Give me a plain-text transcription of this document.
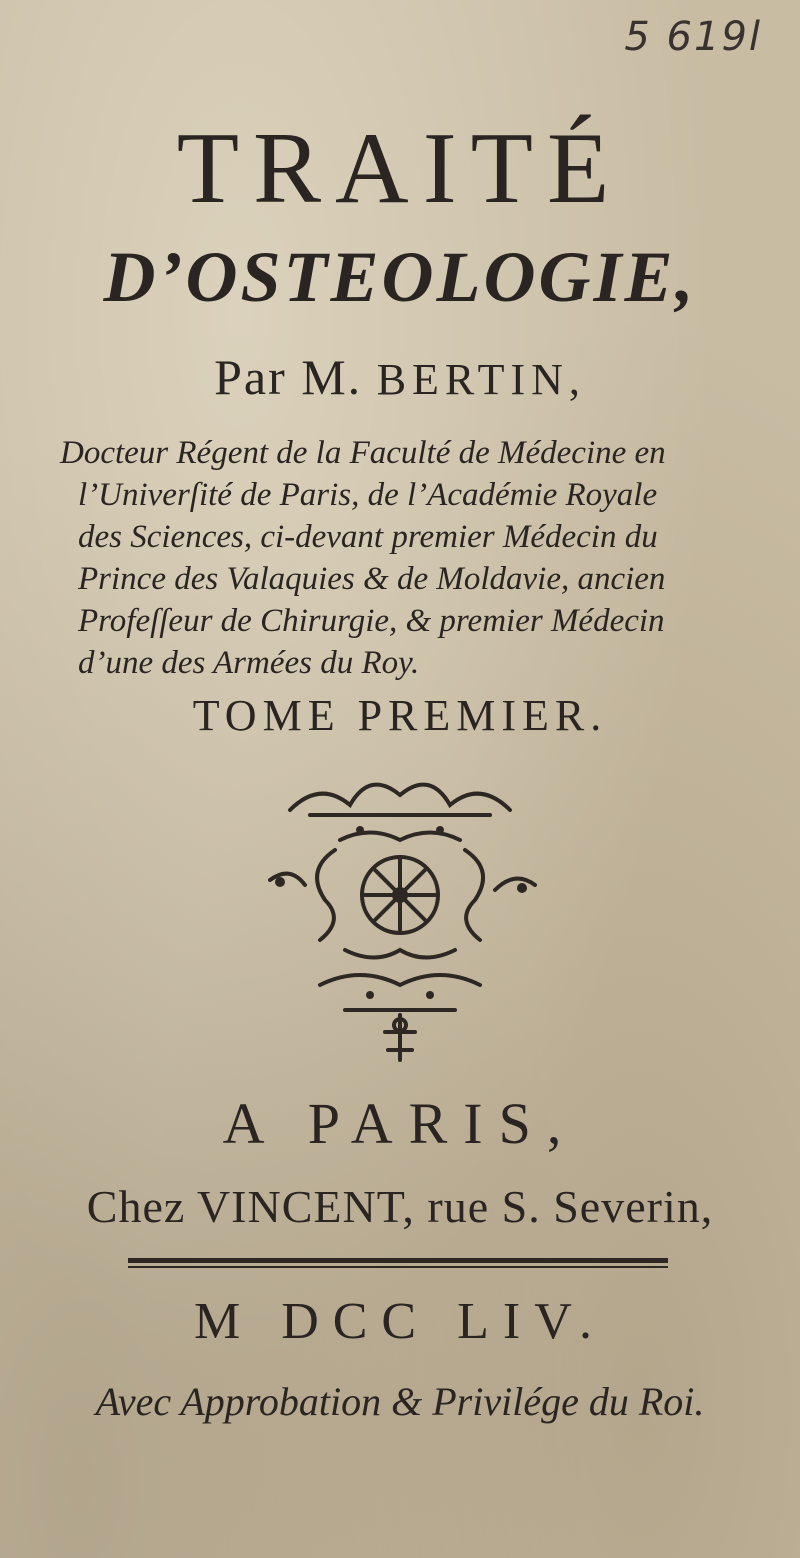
5 619l
TRAITÉ
D’OSTEOLOGIE,
Par M. BERTIN,

Docteur Régent de la Faculté de Médecine en
l’Univerſité de Paris, de l’Académie Royale
des Sciences, ci-devant premier Médecin du
Prince des Valaquies & de Moldavie, ancien
Profeſſeur de Chirurgie, & premier Médecin
d’une des Armées du Roy.

TOME PREMIER.
A PARIS,
Chez VINCENT, rue S. Severin,
M DCC LIV.
Avec Approbation & Privilége du Roi.
